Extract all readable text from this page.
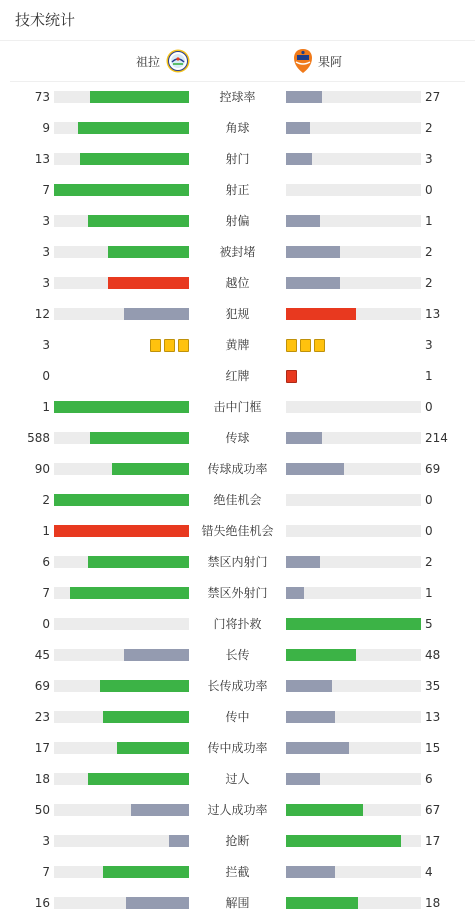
技术统计
祖拉	果阿
73	控球率	27
9	角球	2
13	射门	3
7	射正	0
3	射偏	1
3	被封堵	2
3	越位	2
12	犯规	13
3	黄牌	3
0	红牌	1
1	击中门框	0
588	传球	214
90	传球成功率	69
2	绝佳机会	0
1	错失绝佳机会	0
6	禁区内射门	2
7	禁区外射门	1
0	门将扑救	5
45	长传	48
69	长传成功率	35
23	传中	13
17	传中成功率	15
18	过人	6
50	过人成功率	67
3	抢断	17
7	拦截	4
16	解围	18
